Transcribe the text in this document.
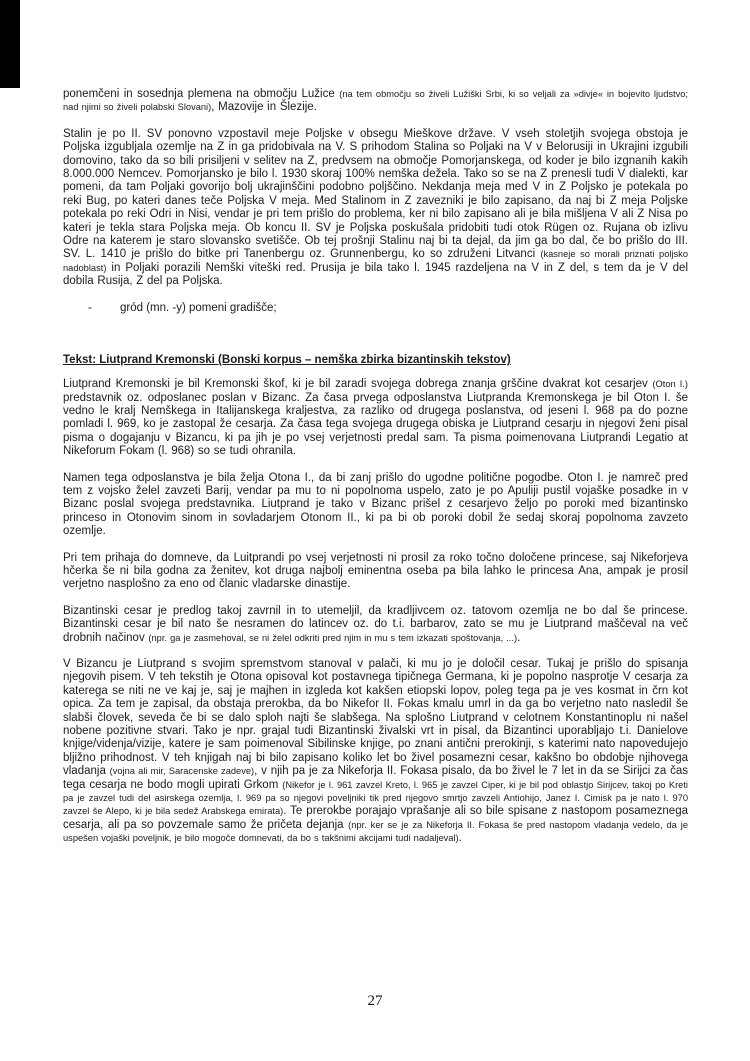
ponemčeni in sosednja plemena na območju Lužice (na tem območju so živeli Lužiški Srbi, ki so veljali za »divje« in bojevito ljudstvo; nad njimi so živeli polabski Slovani), Mazovije in Šlezije.

Stalin je po II. SV ponovno vzpostavil meje Poljske v obsegu Mieškove države. V vseh stoletjih svojega obstoja je Poljska izgubljala ozemlje na Z in ga pridobivala na V. S prihodom Stalina so Poljaki na V v Belorusiji in Ukrajini izgubili domovino, tako da so bili prisiljeni v selitev na Z, predvsem na območje Pomorjanskega, od koder je bilo izgnanih kakih 8.000.000 Nemcev. Pomorjansko je bilo l. 1930 skoraj 100% nemška dežela. Tako so se na Z prenesli tudi V dialekti, kar pomeni, da tam Poljaki govorijo bolj ukrajinščini podobno poljščino. Nekdanja meja med V in Z Poljsko je potekala po reki Bug, po kateri danes teče Poljska V meja. Med Stalinom in Z zavezniki je bilo zapisano, da naj bi Z meja Poljske potekala po reki Odri in Nisi, vendar je pri tem prišlo do problema, ker ni bilo zapisano ali je bila mišljena V ali Z Nisa po kateri je tekla stara Poljska meja. Ob koncu II. SV je Poljska poskušala pridobiti tudi otok Rügen oz. Rujana ob izlivu Odre na katerem je staro slovansko svetišče. Ob tej prošnji Stalinu naj bi ta dejal, da jim ga bo dal, če bo prišlo do III. SV. L. 1410 je prišlo do bitke pri Tanenbergu oz. Grunnenbergu, ko so združeni Litvanci (kasneje so morali priznati poljsko nadoblast) in Poljaki porazili Nemški viteški red. Prusija je bila tako l. 1945 razdeljena na V in Z del, s tem da je V del dobila Rusija, Z del pa Poljska.

-	gród (mn. -y) pomeni gradišče;
Tekst: Liutprand Kremonski (Bonski korpus – nemška zbirka bizantinskih tekstov)

Liutprand Kremonski je bil Kremonski škof, ki je bil zaradi svojega dobrega znanja grščine dvakrat kot cesarjev (Oton I.) predstavnik oz. odposlanec poslan v Bizanc. Za časa prvega odposlanstva Liutpranda Kremonskega je bil Oton I. še vedno le kralj Nemškega in Italijanskega kraljestva, za razliko od drugega poslanstva, od jeseni l. 968 pa do pozne pomladi l. 969, ko je zastopal že cesarja. Za časa tega svojega drugega obiska je Liutprand cesarju in njegovi ženi pisal pisma o dogajanju v Bizancu, ki pa jih je po vsej verjetnosti predal sam. Ta pisma poimenovana Liutprandi Legatio at Nikeforum Fokam (l. 968) so se tudi ohranila.

Namen tega odposlanstva je bila želja Otona I., da bi zanj prišlo do ugodne politične pogodbe. Oton I. je namreč pred tem z vojsko želel zavzeti Barij, vendar pa mu to ni popolnoma uspelo, zato je po Apuliji pustil vojaške posadke in v Bizanc poslal svojega predstavnika. Liutprand je tako v Bizanc prišel z cesarjevo željo po poroki med bizantinsko princeso in Otonovim sinom in sovladarjem Otonom II., ki pa bi ob poroki dobil že sedaj skoraj popolnoma zavzeto ozemlje.

Pri tem prihaja do domneve, da Luitprandi po vsej verjetnosti ni prosil za roko točno določene princese, saj Nikeforjeva hčerka še ni bila godna za ženitev, kot druga najbolj eminentna oseba pa bila lahko le princesa Ana, ampak je prosil verjetno nasplošno za eno od članic vladarske dinastije.

Bizantinski cesar je predlog takoj zavrnil in to utemeljil, da kradljivcem oz. tatovom ozemlja ne bo dal še princese. Bizantinski cesar je bil nato še nesramen do latincev oz. do t.i. barbarov, zato se mu je Liutprand maščeval na več drobnih načinov (npr. ga je zasmehoval, se ni želel odkriti pred njim in mu s tem izkazati spoštovanja, ...).

V Bizancu je Liutprand s svojim spremstvom stanoval v palači, ki mu jo je določil cesar. Tukaj je prišlo do spisanja njegovih pisem. V teh tekstih je Otona opisoval kot postavnega tipičnega Germana, ki je popolno nasprotje V cesarja za katerega se niti ne ve kaj je, saj je majhen in izgleda kot kakšen etiopski lopov, poleg tega pa je ves kosmat in črn kot opica. Za tem je zapisal, da obstaja prerokba, da bo Nikefor II. Fokas kmalu umrl in da ga bo verjetno nato nasledil še slabši človek, seveda če bi se dalo sploh najti še slabšega. Na splošno Liutprand v celotnem Konstantinoplu ni našel nobene pozitivne stvari. Tako je npr. grajal tudi Bizantinski živalski vrt in pisal, da Bizantinci uporabljajo t.i. Danielove knjige/videnja/vizije, katere je sam poimenoval Sibilinske knjige, po znani antični prerokinji, s katerimi nato napovedujejo bljižno prihodnost. V teh knjigah naj bi bilo zapisano koliko let bo živel posamezni cesar, kakšno bo obdobje njihovega vladanja (vojna ali mir, Saracenske zadeve), v njih pa je za Nikeforja II. Fokasa pisalo, da bo živel le 7 let in da se Sirijci za čas tega cesarja ne bodo mogli upirati Grkom (Nikefor je l. 961 zavzel Kreto, l. 965 je zavzel Ciper, ki je bil pod oblastjo Sirijcev, takoj po Kreti pa je zavzel tudi del asirskega ozemlja, l. 969 pa so njegovi poveljniki tik pred njegovo smrtjo zavzeli Antiohijo, Janez I. Cimisk pa je nato l. 970 zavzel še Alepo, ki je bila sedež Arabskega emirata). Te prerokbe porajajo vprašanje ali so bile spisane z nastopom posameznega cesarja, ali pa so povzemale samo že pričeta dejanja (npr. ker se je za Nikeforja II. Fokasa še pred nastopom vladanja vedelo, da je uspešen vojaški poveljnik, je bilo mogoče domnevati, da bo s takšnimi akcijami tudi nadaljeval).

27
